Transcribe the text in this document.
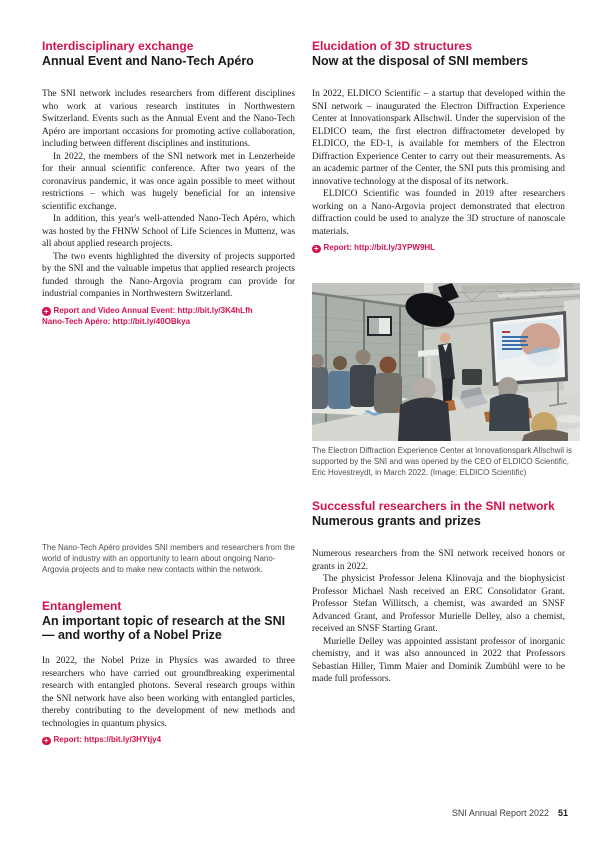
Interdisciplinary exchange
Annual Event and Nano-Tech Apéro

The SNI network includes researchers from different disciplines who work at various research institutes in Northwestern Switzerland. Events such as the Annual Event and the Nano-Tech Apéro are important occasions for promoting active collaboration, including between different disciplines and institutions.

In 2022, the members of the SNI network met in Lenzerheide for their annual scientific conference. After two years of the coronavirus pandemic, it was once again possible to meet without restrictions – which was hugely beneficial for an intensive scientific exchange.

In addition, this year's well-attended Nano-Tech Apéro, which was hosted by the FHNW School of Life Sciences in Muttenz, was all about applied research projects.

The two events highlighted the diversity of projects supported by the SNI and the valuable impetus that applied research projects funded through the Nano-Argovia program can provide for industrial companies in Northwestern Switzerland.

+ Report and Video Annual Event: http://bit.ly/3K4hLfh
Nano-Tech Apéro: http://bit.ly/40OBkya

The Nano-Tech Apéro provides SNI members and researchers from the world of industry with an opportunity to learn about ongoing Nano-Argovia projects and to make new contacts within the network.

Entanglement
An important topic of research at the SNI — and worthy of a Nobel Prize

In 2022, the Nobel Prize in Physics was awarded to three researchers who have carried out groundbreaking experimental research with entangled photons. Several research groups within the SNI network have also been working with entangled particles, thereby contributing to the development of new methods and technologies in quantum physics.

+ Report: https://bit.ly/3HYtjy4
Elucidation of 3D structures
Now at the disposal of SNI members

In 2022, ELDICO Scientific – a startup that developed within the SNI network – inaugurated the Electron Diffraction Experience Center at Innovationspark Allschwil. Under the supervision of the ELDICO team, the first electron diffractometer developed by ELDICO, the ED-1, is available for members of the Electron Diffraction Experience Center to carry out their measurements. As an academic partner of the Center, the SNI puts this promising and innovative technology at the disposal of its network.

ELDICO Scientific was founded in 2019 after researchers working on a Nano-Argovia project demonstrated that electron diffraction could be used to analyze the 3D structure of nanoscale materials.

+ Report: http://bit.ly/3YPW9HL

The Electron Diffraction Experience Center at Innovationspark Allschwil is supported by the SNI and was opened by the CEO of ELDICO Scientific, Eric Hovestreydt, in March 2022. (Image: ELDICO Scientific)

Successful researchers in the SNI network
Numerous grants and prizes

Numerous researchers from the SNI network received honors or grants in 2022.

The physicist Professor Jelena Klinovaja and the biophysicist Professor Michael Nash received an ERC Consolidator Grant. Professor Stefan Willitsch, a chemist, was awarded an SNSF Advanced Grant, and Professor Murielle Delley, also a chemist, received an SNSF Starting Grant.

Murielle Delley was appointed assistant professor of inorganic chemistry, and it was also announced in 2022 that Professors Sebastian Hiller, Timm Maier and Dominik Zumbühl were to be made full professors.

SNI Annual Report 2022 51
